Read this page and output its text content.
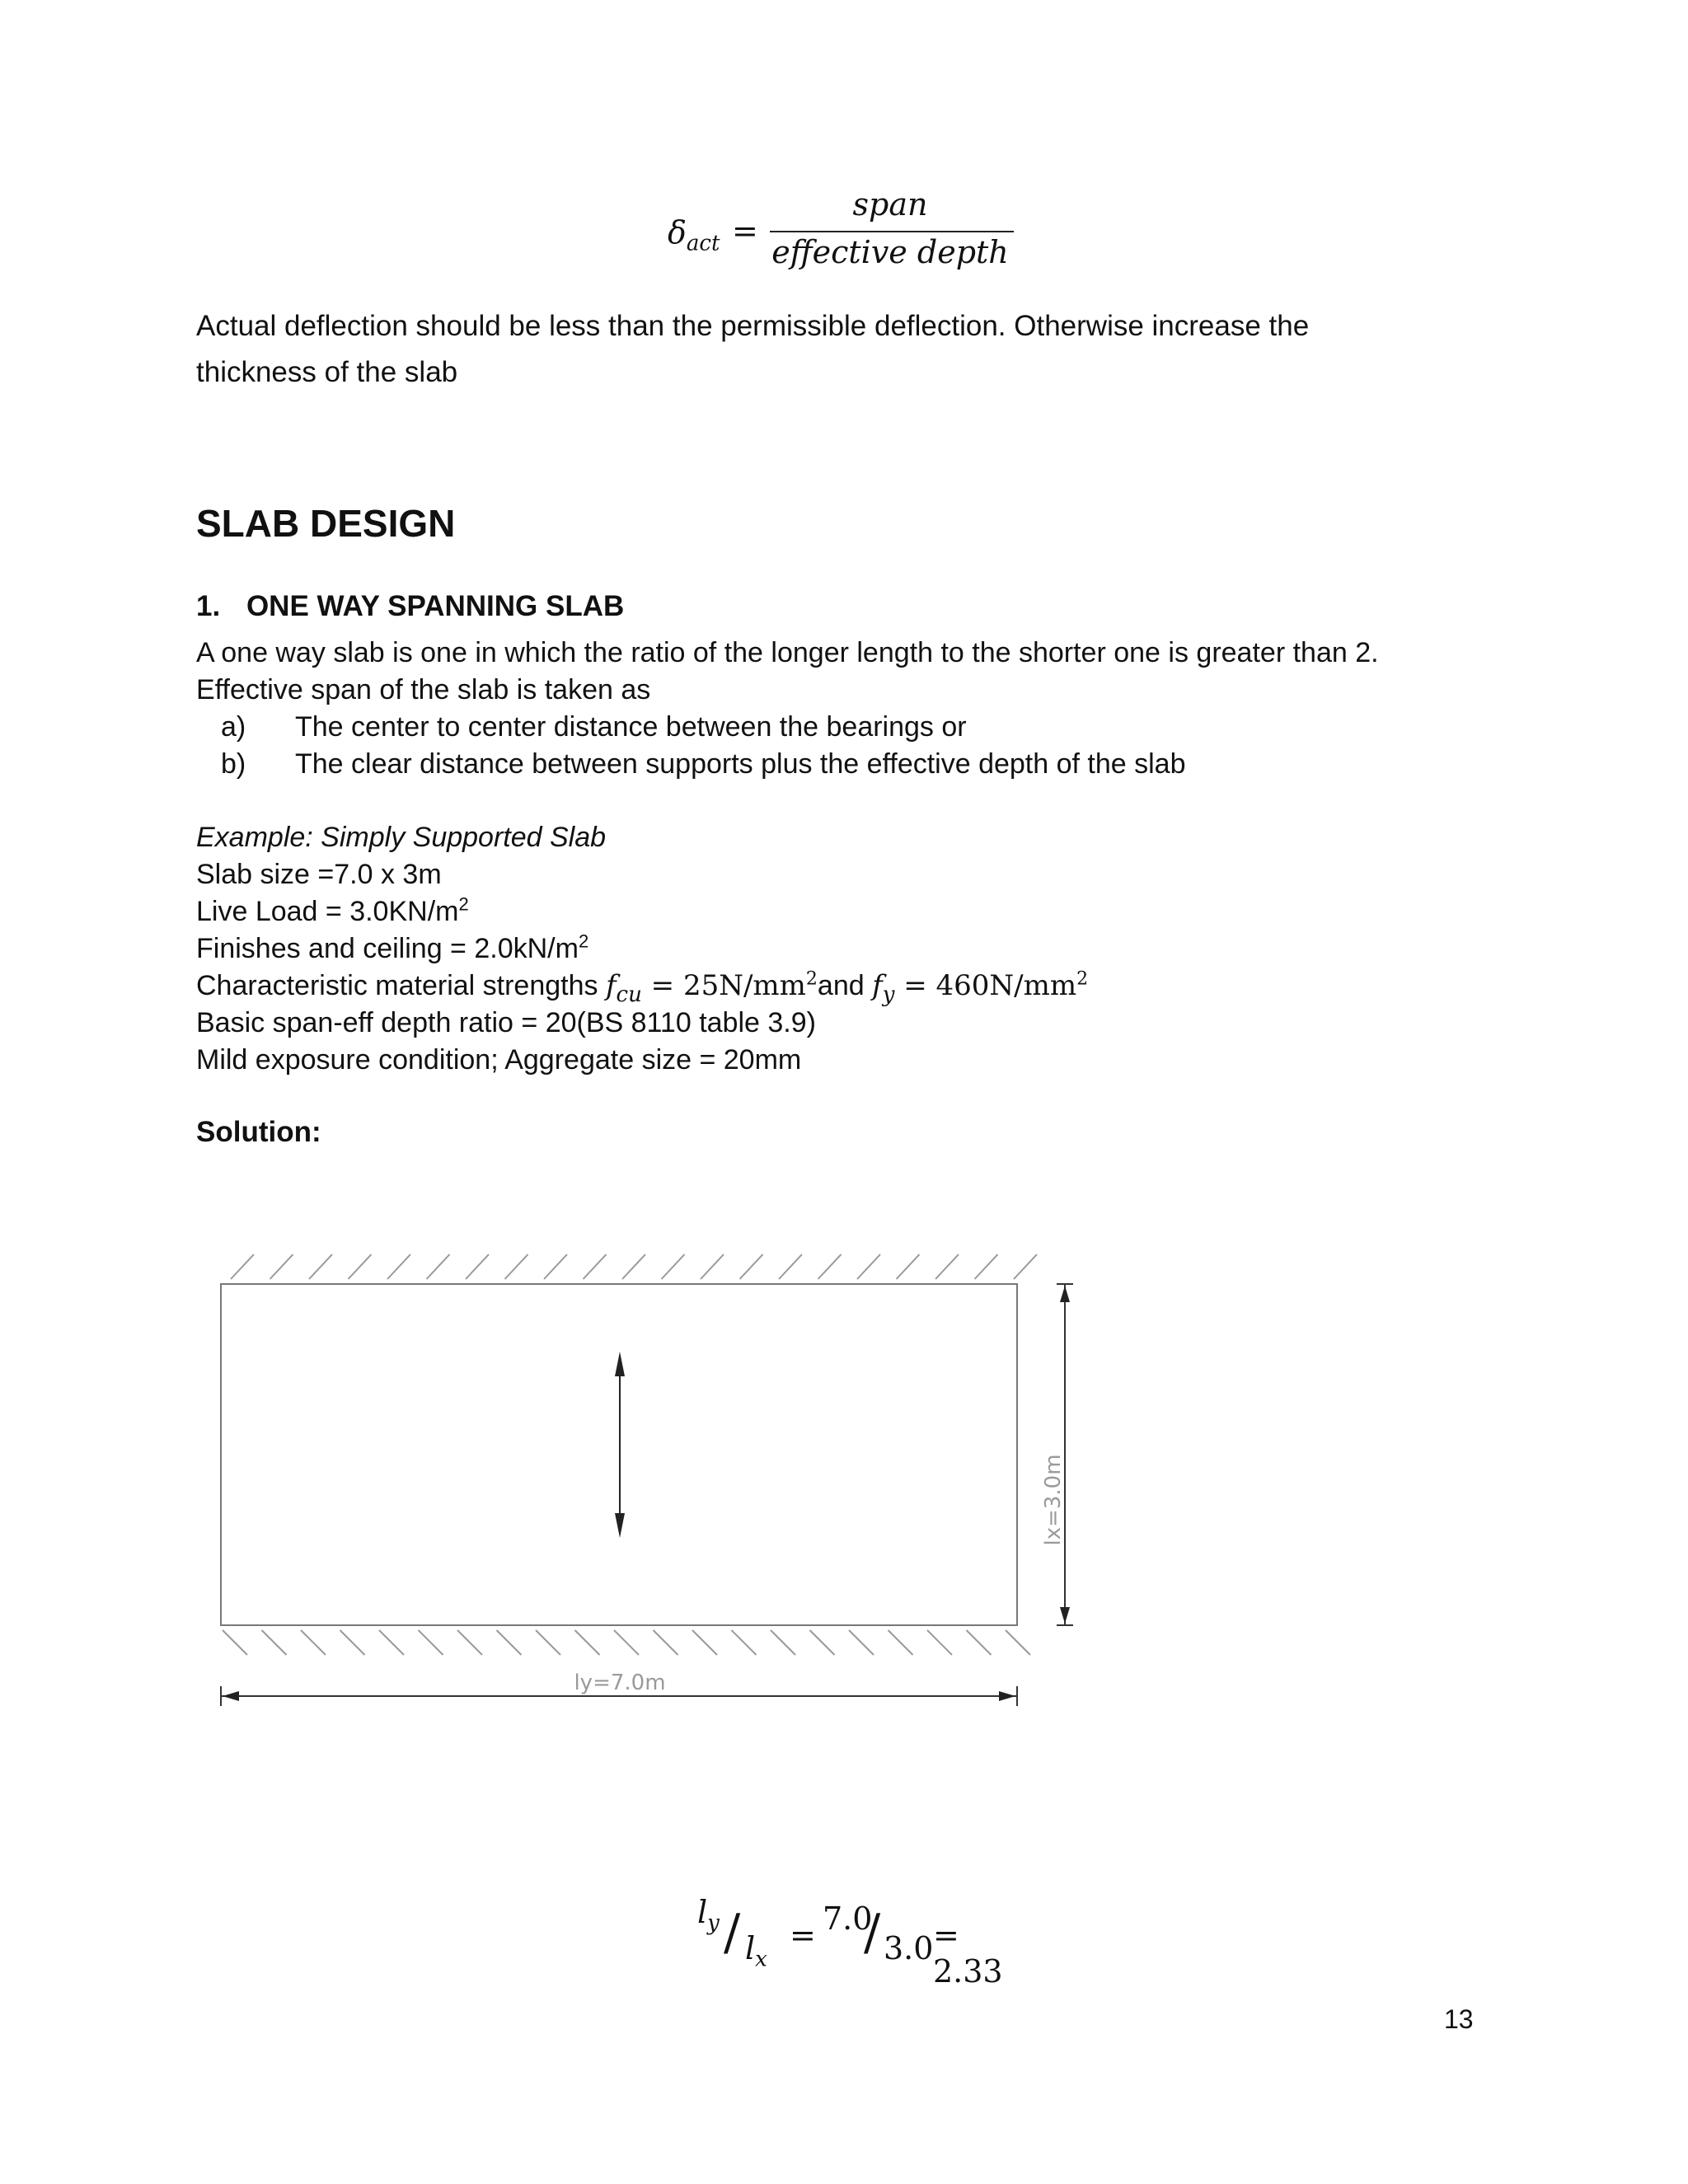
$\delta_{act}$ =
span
effective depth

Actual deflection should be less than the permissible deflection. Otherwise increase the thickness of the slab

SLAB DESIGN
1. ONE WAY SPANNING SLAB
A one way slab is one in which the ratio of the longer length to the shorter one is greater than 2.
Effective span of the slab is taken as
a) The center to center distance between the bearings or
b) The clear distance between supports plus the effective depth of the slab
Example: Simply Supported Slab
Slab size =7.0 x 3m
Live Load = $3.0KN/m^2$
Finishes and ceiling = $2.0kN/m^2$
Characteristic material strengths $f_{cu} = 25N/mm^2and$ $f_y = 460N/mm^2$
Basic span-eff depth ratio = 20(BS 8110 table 3.9)
Mild exposure condition; Aggregate size = 20mm
Solution:
lx=3.0m
ly=7.0m
$l_y / l_x$
= 7.0
/ 3.0 = 2.33
13
